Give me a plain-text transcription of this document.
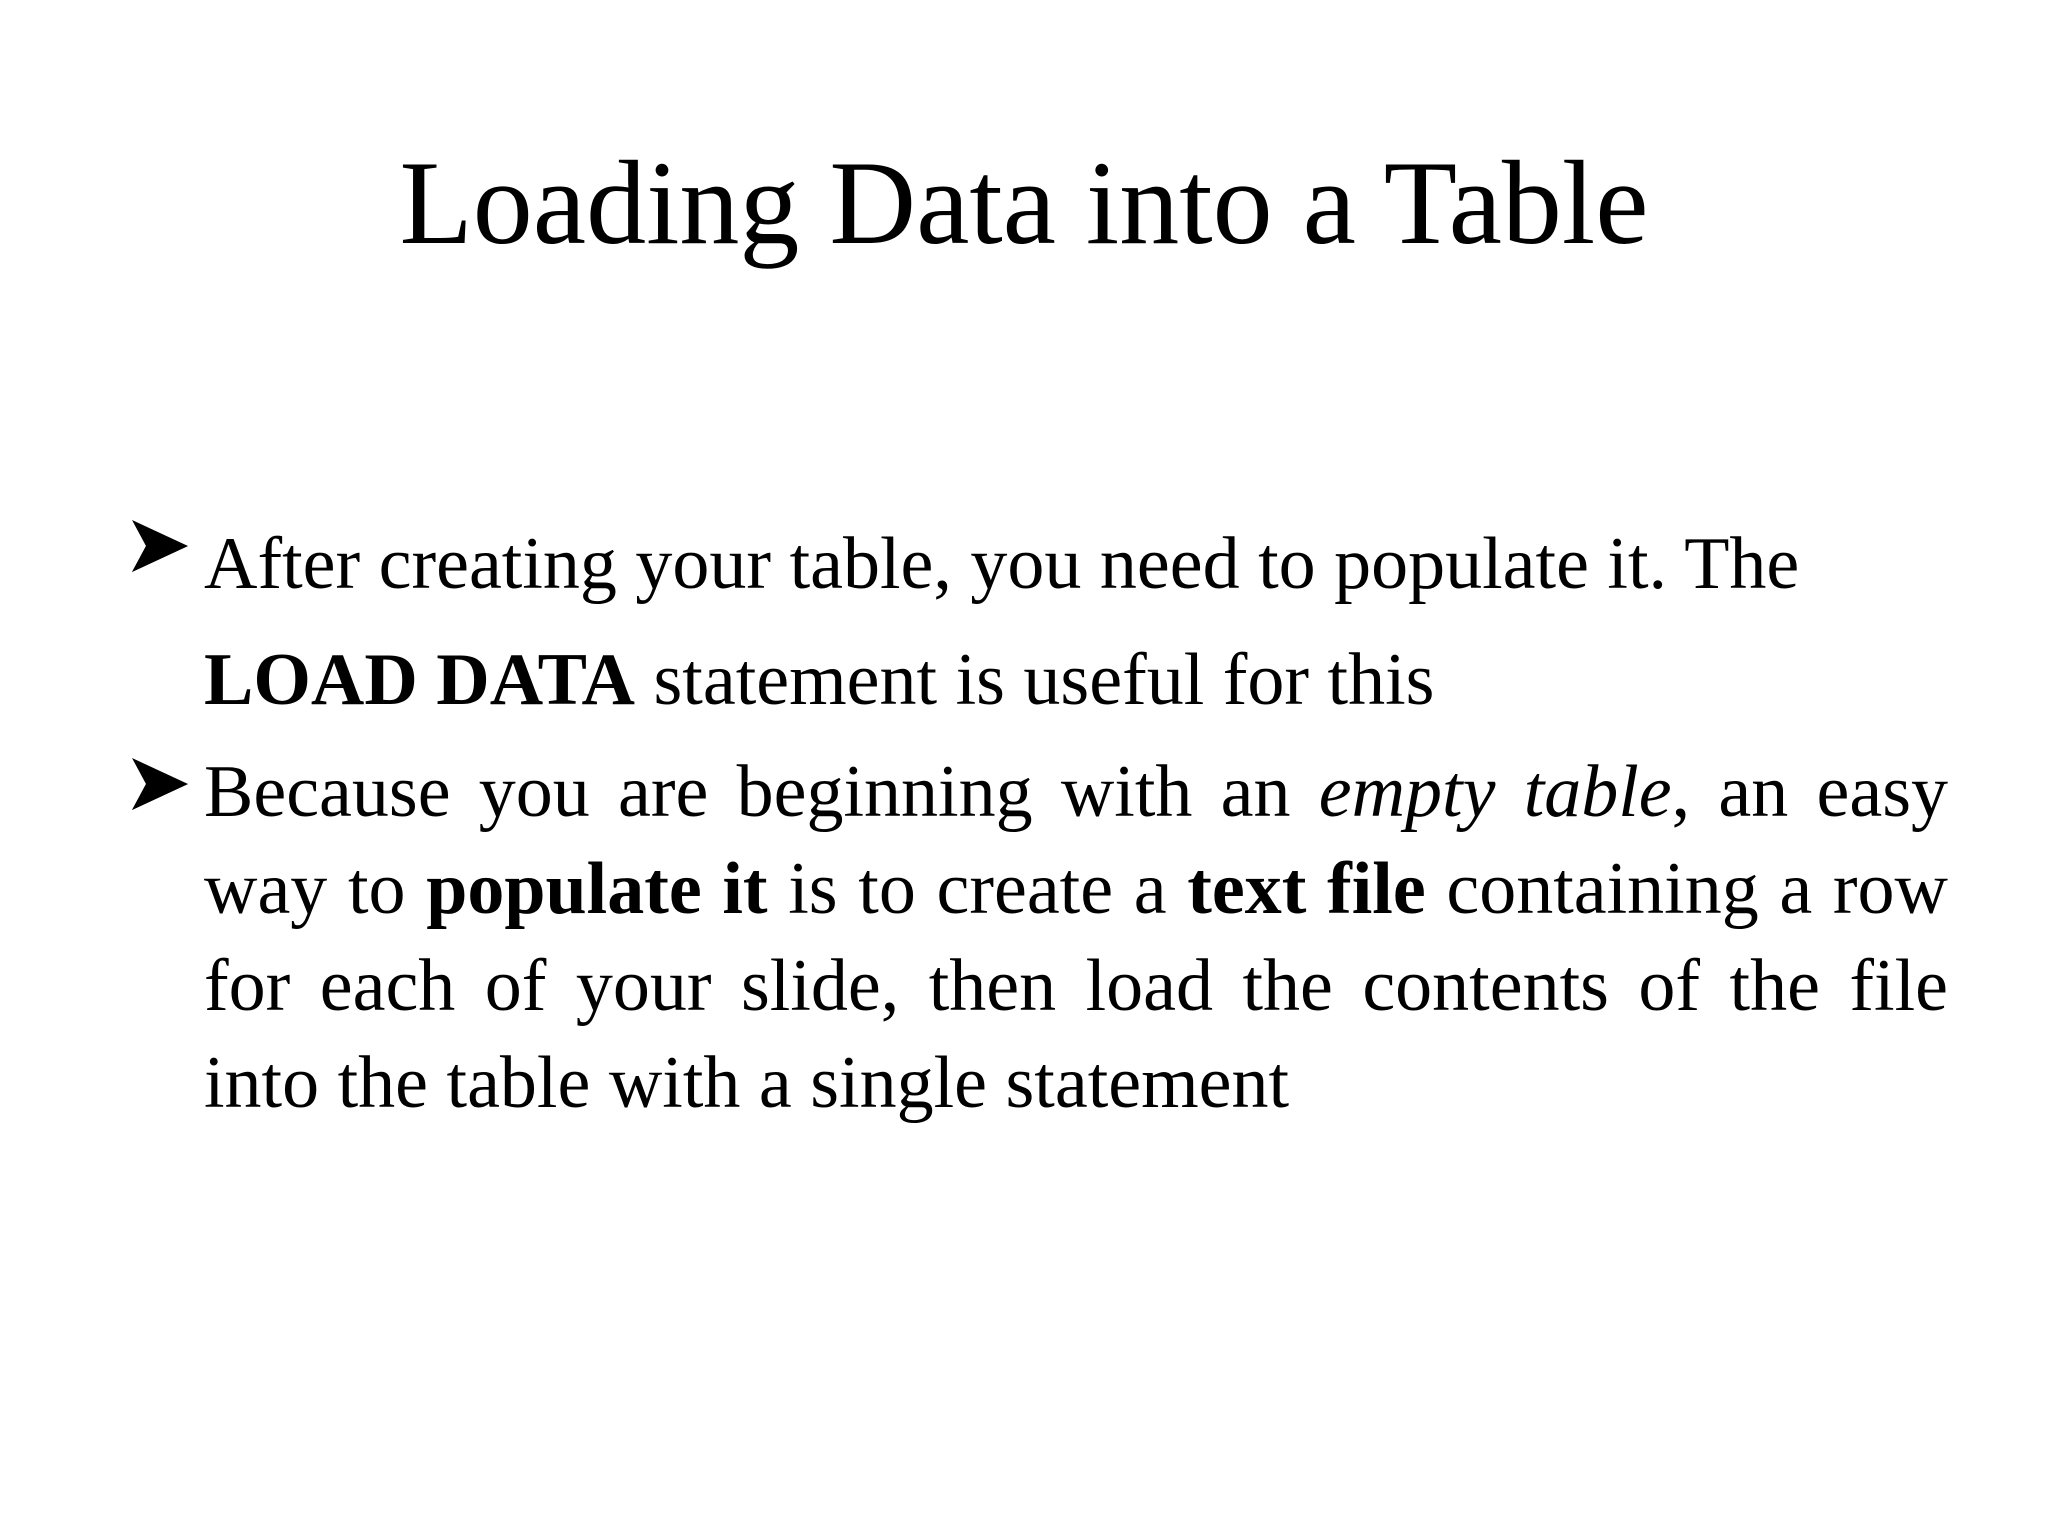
Loading Data into a Table
After creating your table, you need to populate it. The LOAD DATA statement is useful for this
Because you are beginning with an empty table, an easy way to populate it is to create a text file containing a row for each of your slide, then load the contents of the file into the table with a single statement
